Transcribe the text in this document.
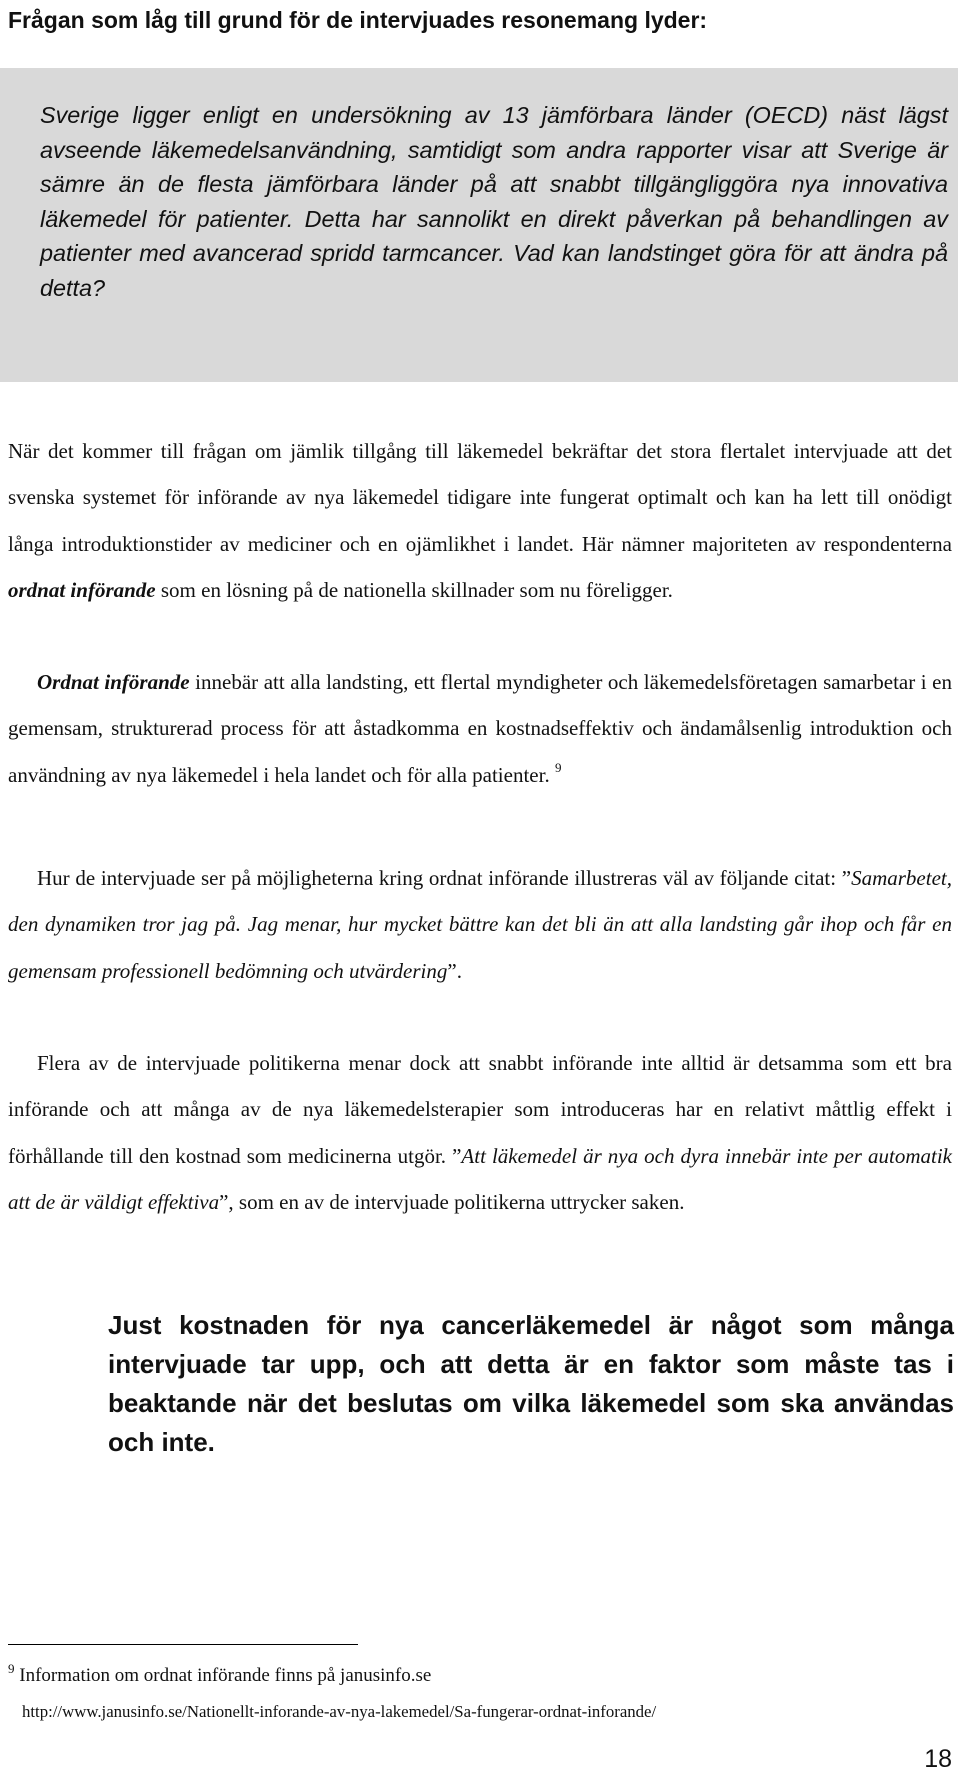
Frågan som låg till grund för de intervjuades resonemang lyder:

Sverige ligger enligt en undersökning av 13 jämförbara länder (OECD) näst lägst avseende läkemedelsanvändning, samtidigt som andra rapporter visar att Sverige är sämre än de flesta jämförbara länder på att snabbt tillgängliggöra nya innovativa läkemedel för patienter. Detta har sannolikt en direkt påverkan på behandlingen av patienter med avancerad spridd tarmcancer. Vad kan landstinget göra för att ändra på detta?

När det kommer till frågan om jämlik tillgång till läkemedel bekräftar det stora flertalet intervjuade att det svenska systemet för införande av nya läkemedel tidigare inte fungerat optimalt och kan ha lett till onödigt långa introduktionstider av mediciner och en ojämlikhet i landet. Här nämner majoriteten av respondenterna ordnat införande som en lösning på de nationella skillnader som nu föreligger.

Ordnat införande innebär att alla landsting, ett flertal myndigheter och läkemedelsföretagen samarbetar i en gemensam, strukturerad process för att åstadkomma en kostnadseffektiv och ändamålsenlig introduktion och användning av nya läkemedel i hela landet och för alla patienter. $^9$

Hur de intervjuade ser på möjligheterna kring ordnat införande illustreras väl av följande citat: ”Samarbetet, den dynamiken tror jag på. Jag menar, hur mycket bättre kan det bli än att alla landsting går ihop och får en gemensam professionell bedömning och utvärdering”.

Flera av de intervjuade politikerna menar dock att snabbt införande inte alltid är detsamma som ett bra införande och att många av de nya läkemedelsterapier som introduceras har en relativt måttlig effekt i förhållande till den kostnad som medicinerna utgör. ”Att läkemedel är nya och dyra innebär inte per automatik att de är väldigt effektiva”, som en av de intervjuade politikerna uttrycker saken.

Just kostnaden för nya cancerläkemedel är något som många intervjuade tar upp, och att detta är en faktor som måste tas i beaktande när det beslutas om vilka läkemedel som ska användas och inte.

$^9$ Information om ordnat införande finns på janusinfo.se

http://www.janusinfo.se/Nationellt-inforande-av-nya-lakemedel/Sa-fungerar-ordnat-inforande/

18
